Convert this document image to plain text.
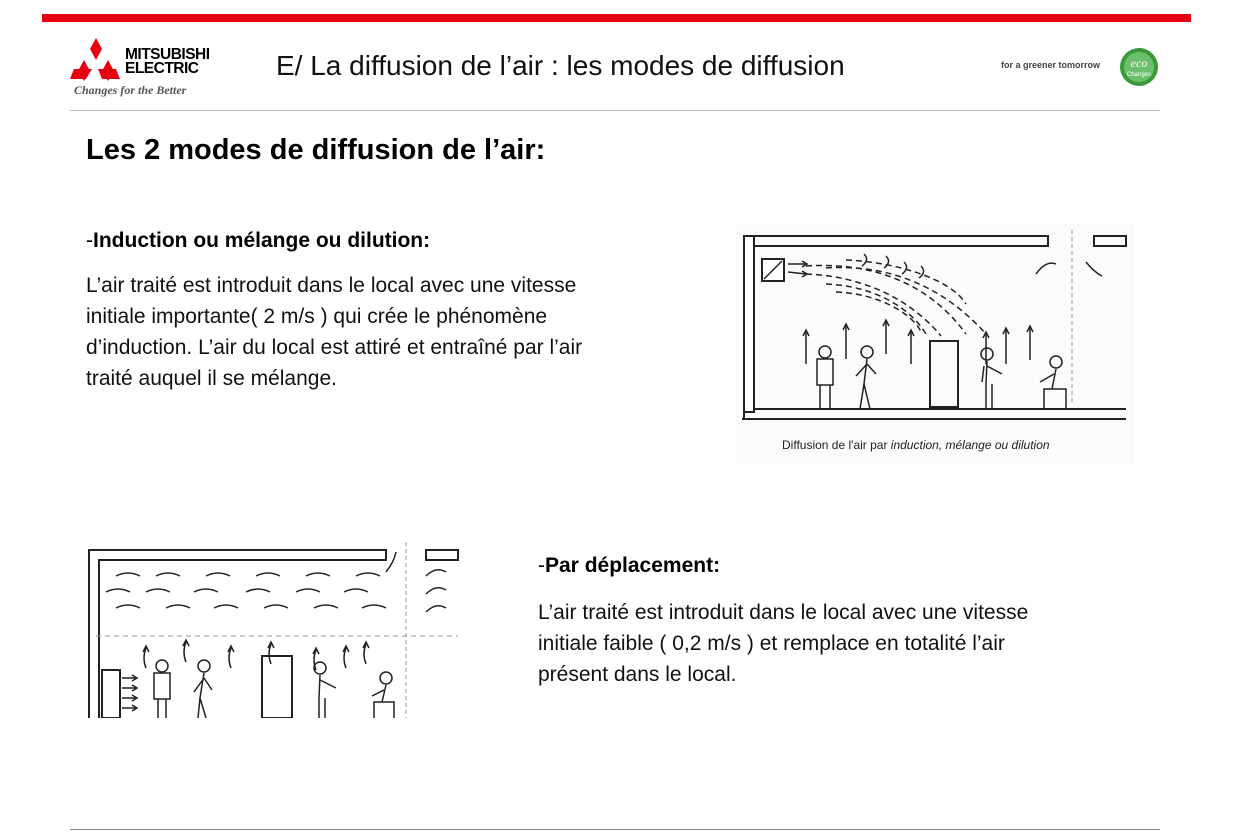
MITSUBISHI
ELECTRIC
Changes for the Better
E/ La diffusion de l’air : les modes de diffusion	for a greener tomorrow	eco
Changes
Les 2 modes de diffusion de l’air:
-Induction ou mélange ou dilution:
L’air traité est introduit dans le local avec une vitesse
initiale importante( 2 m/s ) qui crée le phénomène
d’induction. L’air du local est attiré et entraîné par l’air
traité auquel il se mélange.
Diffusion de l'air par induction, mélange ou dilution
-Par déplacement:
L’air traité est introduit dans le local avec une vitesse
initiale faible ( 0,2 m/s ) et remplace en totalité l’air
présent dans le local.
